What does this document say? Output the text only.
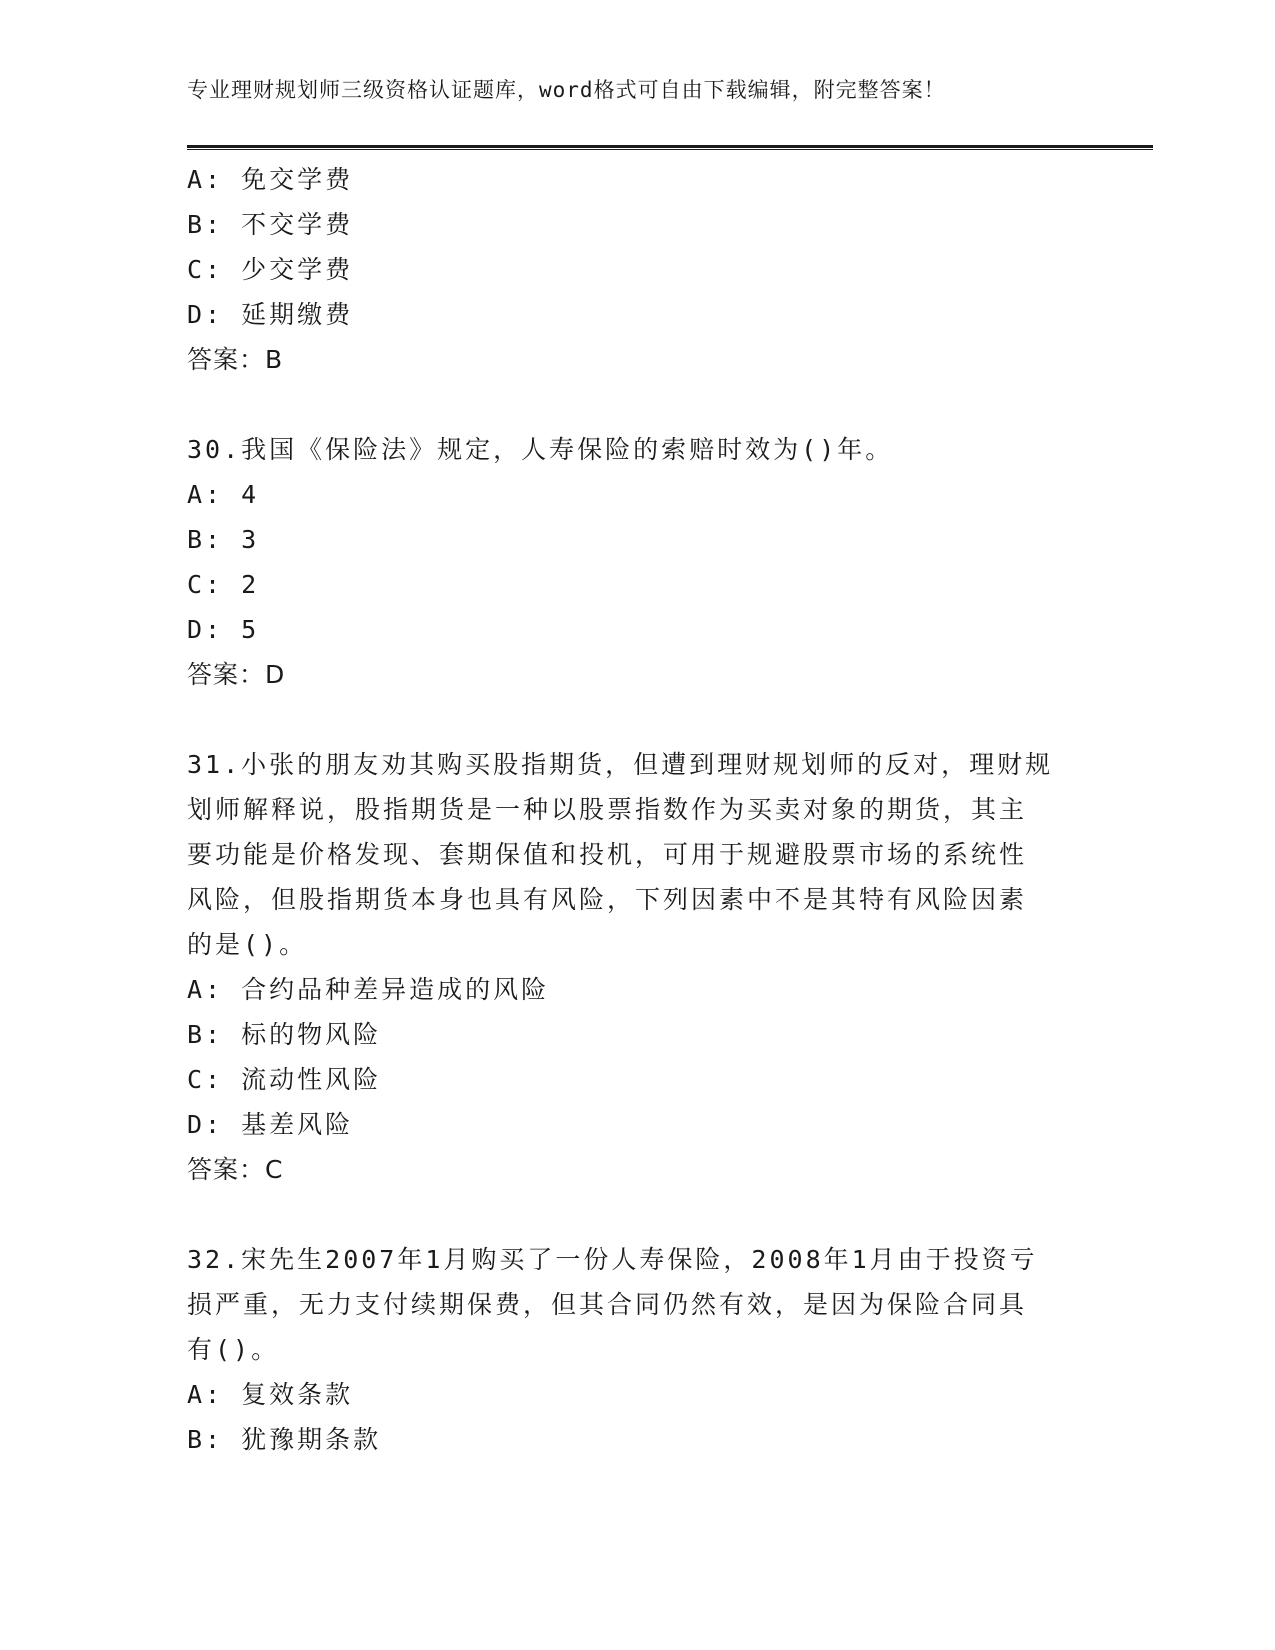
专业理财规划师三级资格认证题库，word格式可自由下载编辑，附完整答案！
A: 免交学费
B: 不交学费
C: 少交学费
D: 延期缴费
答案：B
30.我国《保险法》规定，人寿保险的索赔时效为()年。
A: 4
B: 3
C: 2
D: 5
答案：D
31.小张的朋友劝其购买股指期货，但遭到理财规划师的反对，理财规
划师解释说，股指期货是一种以股票指数作为买卖对象的期货，其主
要功能是价格发现、套期保值和投机，可用于规避股票市场的系统性
风险，但股指期货本身也具有风险，下列因素中不是其特有风险因素
的是()。
A: 合约品种差异造成的风险
B: 标的物风险
C: 流动性风险
D: 基差风险
答案：C
32.宋先生2007年1月购买了一份人寿保险，2008年1月由于投资亏
损严重，无力支付续期保费，但其合同仍然有效，是因为保险合同具
有()。
A: 复效条款
B: 犹豫期条款
